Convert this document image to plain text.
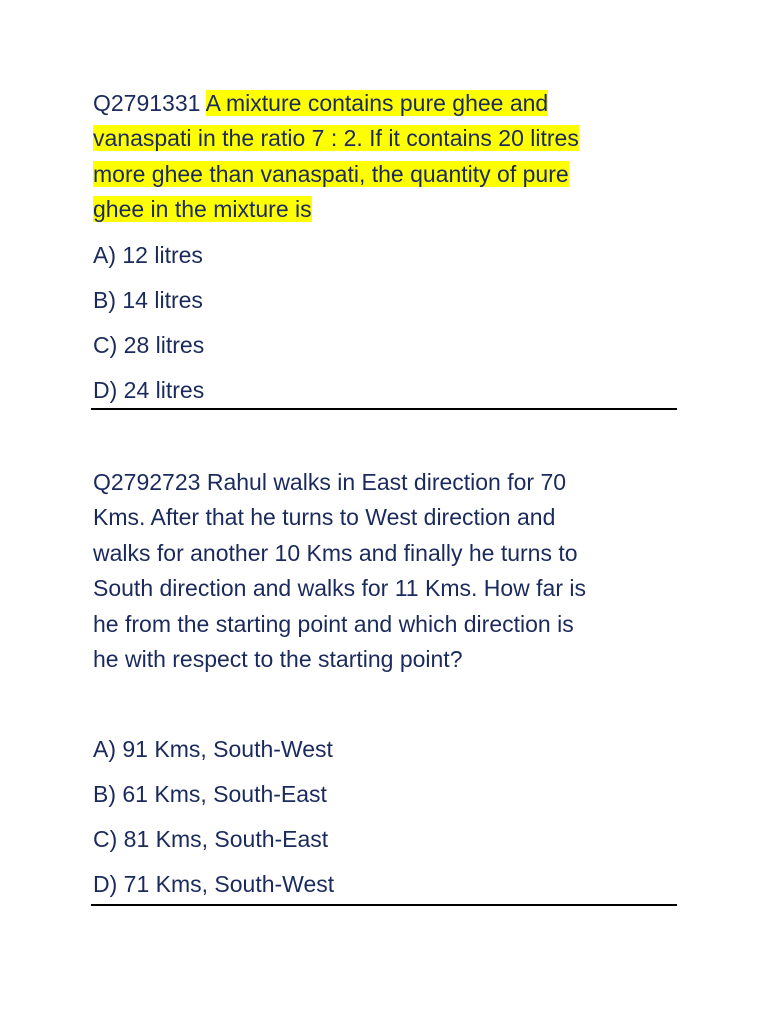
Q2791331 A mixture contains pure ghee and
vanaspati in the ratio 7 : 2. If it contains 20 litres
more ghee than vanaspati, the quantity of pure
ghee in the mixture is
A) 12 litres
B) 14 litres
C) 28 litres
D) 24 litres
Q2792723 Rahul walks in East direction for 70
Kms. After that he turns to West direction and
walks for another 10 Kms and finally he turns to
South direction and walks for 11 Kms. How far is
he from the starting point and which direction is
he with respect to the starting point?
A) 91 Kms, South-West
B) 61 Kms, South-East
C) 81 Kms, South-East
D) 71 Kms, South-West
